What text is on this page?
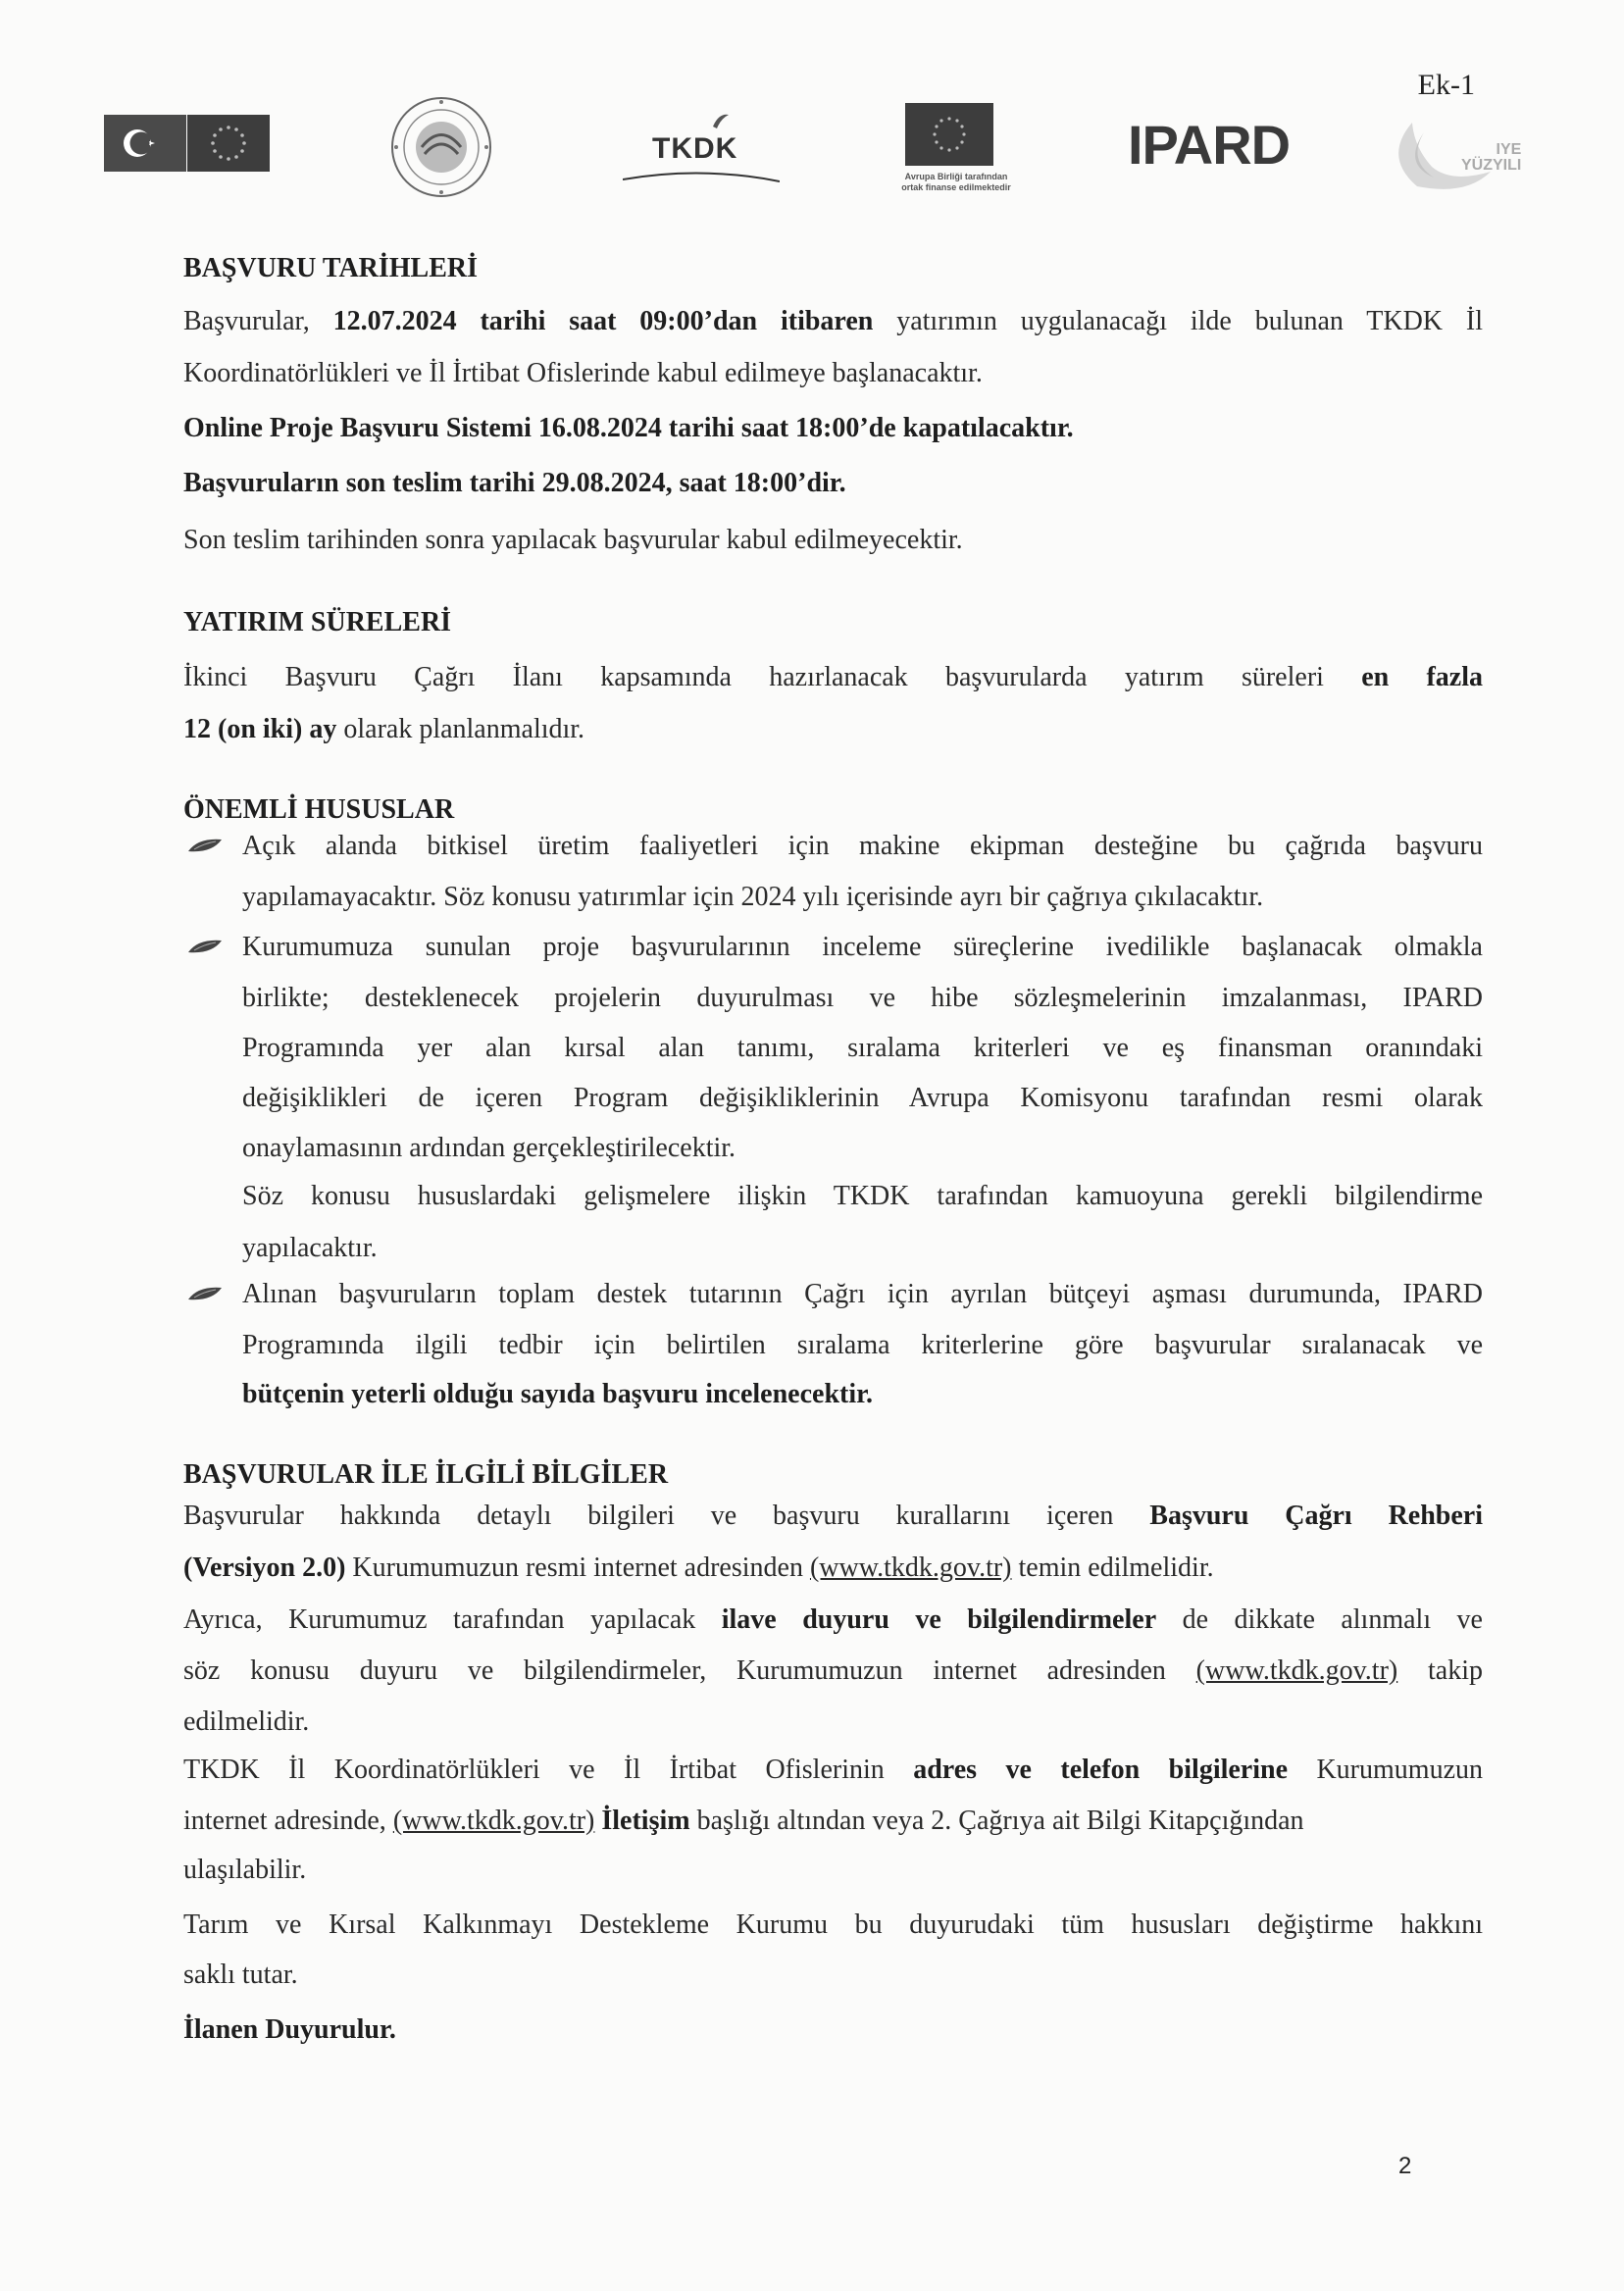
Ek-1
TKDK
Avrupa Birliği tarafından
ortak finanse edilmektedir
IPARD	IYE
YÜZYILI
BAŞVURU TARİHLERİ

Başvurular, 12.07.2024 tarihi saat 09:00’dan itibaren yatırımın uygulanacağı ilde bulunan TKDK İl

Koordinatörlükleri ve İl İrtibat Ofislerinde kabul edilmeye başlanacaktır.

Online Proje Başvuru Sistemi 16.08.2024 tarihi saat 18:00’de kapatılacaktır.

Başvuruların son teslim tarihi 29.08.2024, saat 18:00’dir.

Son teslim tarihinden sonra yapılacak başvurular kabul edilmeyecektir.

YATIRIM SÜRELERİ

İkinci Başvuru Çağrı İlanı kapsamında hazırlanacak başvurularda yatırım süreleri en fazla

12 (on iki) ay olarak planlanmalıdır.

ÖNEMLİ HUSUSLAR

Açık alanda bitkisel üretim faaliyetleri için makine ekipman desteğine bu çağrıda başvuru

yapılamayacaktır. Söz konusu yatırımlar için 2024 yılı içerisinde ayrı bir çağrıya çıkılacaktır.

Kurumumuza sunulan proje başvurularının inceleme süreçlerine ivedilikle başlanacak olmakla

birlikte; desteklenecek projelerin duyurulması ve hibe sözleşmelerinin imzalanması, IPARD

Programında yer alan kırsal alan tanımı, sıralama kriterleri ve eş finansman oranındaki

değişiklikleri de içeren Program değişikliklerinin Avrupa Komisyonu tarafından resmi olarak

onaylamasının ardından gerçekleştirilecektir.

Söz konusu hususlardaki gelişmelere ilişkin TKDK tarafından kamuoyuna gerekli bilgilendirme

yapılacaktır.

Alınan başvuruların toplam destek tutarının Çağrı için ayrılan bütçeyi aşması durumunda, IPARD

Programında ilgili tedbir için belirtilen sıralama kriterlerine göre başvurular sıralanacak ve

bütçenin yeterli olduğu sayıda başvuru incelenecektir.

BAŞVURULAR İLE İLGİLİ BİLGİLER

Başvurular hakkında detaylı bilgileri ve başvuru kurallarını içeren Başvuru Çağrı Rehberi

(Versiyon 2.0) Kurumumuzun resmi internet adresinden (www.tkdk.gov.tr) temin edilmelidir.

Ayrıca, Kurumumuz tarafından yapılacak ilave duyuru ve bilgilendirmeler de dikkate alınmalı ve

söz konusu duyuru ve bilgilendirmeler, Kurumumuzun internet adresinden (www.tkdk.gov.tr) takip

edilmelidir.

TKDK İl Koordinatörlükleri ve İl İrtibat Ofislerinin adres ve telefon bilgilerine Kurumumuzun

internet adresinde, (www.tkdk.gov.tr) İletişim başlığı altından veya 2. Çağrıya ait Bilgi Kitapçığından

ulaşılabilir.

Tarım ve Kırsal Kalkınmayı Destekleme Kurumu bu duyurudaki tüm hususları değiştirme hakkını

saklı tutar.

İlanen Duyurulur.

2
